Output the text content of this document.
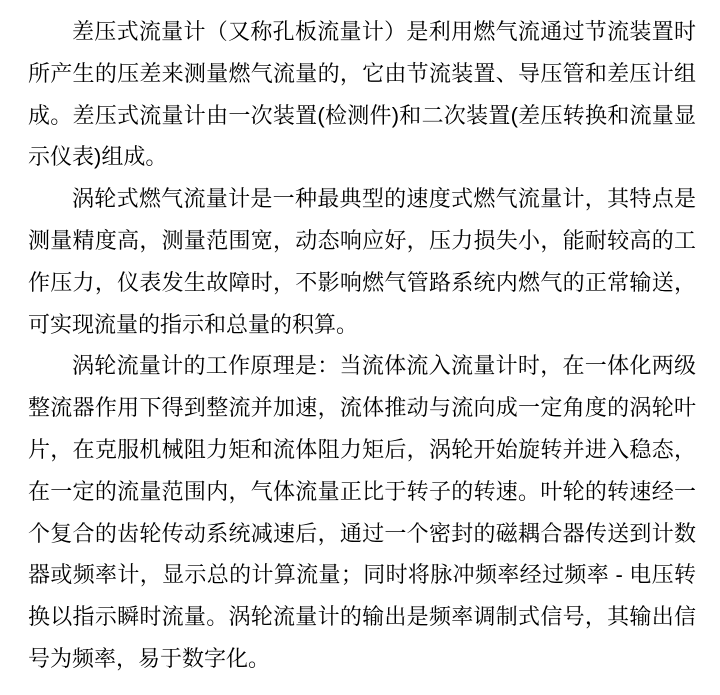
差压式流量计（又称孔板流量计）是利用燃气流通过节流装置时所产生的压差来测量燃气流量的，它由节流装置、导压管和差压计组成。差压式流量计由一次装置(检测件)和二次装置(差压转换和流量显示仪表)组成。

涡轮式燃气流量计是一种最典型的速度式燃气流量计，其特点是测量精度高，测量范围宽，动态响应好，压力损失小，能耐较高的工作压力，仪表发生故障时，不影响燃气管路系统内燃气的正常输送，可实现流量的指示和总量的积算。

涡轮流量计的工作原理是：当流体流入流量计时，在一体化两级整流器作用下得到整流并加速，流体推动与流向成一定角度的涡轮叶片，在克服机械阻力矩和流体阻力矩后，涡轮开始旋转并进入稳态，在一定的流量范围内，气体流量正比于转子的转速。叶轮的转速经一个复合的齿轮传动系统减速后，通过一个密封的磁耦合器传送到计数器或频率计，显示总的计算流量；同时将脉冲频率经过频率 - 电压转换以指示瞬时流量。涡轮流量计的输出是频率调制式信号，其输出信号为频率，易于数字化。
